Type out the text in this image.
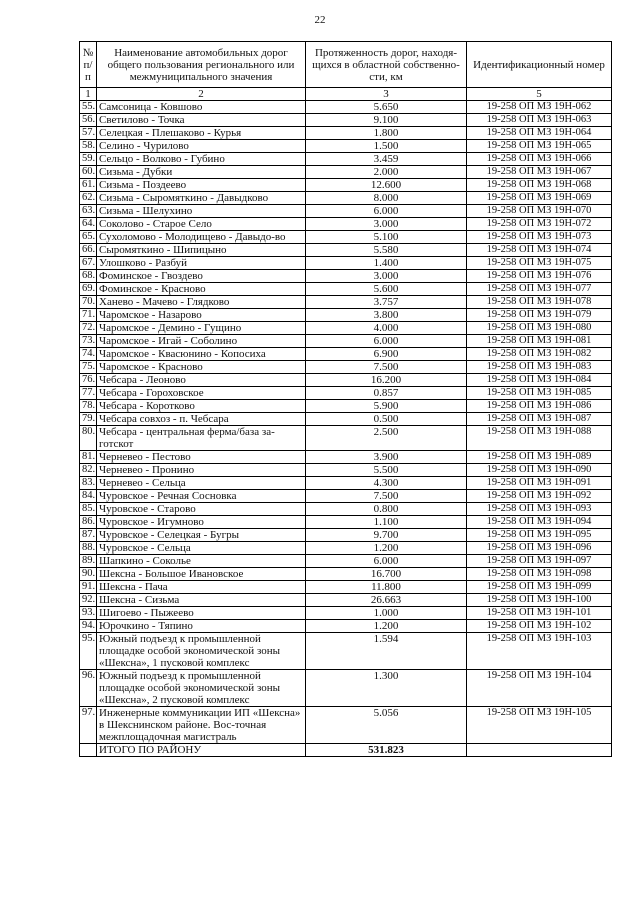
22
№ п/п	Наименование автомобильных дорог общего пользования регионального или межмуниципального значения	Протяженность дорог, находя-щихся в областной собственно-сти, км	Идентификационный номер
1	2	3	5
55.	Самсоница - Ковшово	5.650	19-258 ОП МЗ 19Н-062
56.	Светилово - Точка	9.100	19-258 ОП МЗ 19Н-063
57.	Селецкая - Плешаково - Курья	1.800	19-258 ОП МЗ 19Н-064
58.	Селино - Чурилово	1.500	19-258 ОП МЗ 19Н-065
59.	Сельцо - Волково - Губино	3.459	19-258 ОП МЗ 19Н-066
60.	Сизьма - Дубки	2.000	19-258 ОП МЗ 19Н-067
61.	Сизьма - Поздеево	12.600	19-258 ОП МЗ 19Н-068
62.	Сизьма - Сыромяткино - Давыдково	8.000	19-258 ОП МЗ 19Н-069
63.	Сизьма - Шелухино	6.000	19-258 ОП МЗ 19Н-070
64.	Соколово - Старое Село	3.000	19-258 ОП МЗ 19Н-072
65.	Сухоломово - Молодищево - Давыдо-во	5.100	19-258 ОП МЗ 19Н-073
66.	Сыромяткино - Шипицыно	5.580	19-258 ОП МЗ 19Н-074
67.	Улошково - Разбуй	1.400	19-258 ОП МЗ 19Н-075
68.	Фоминское - Гвоздево	3.000	19-258 ОП МЗ 19Н-076
69.	Фоминское - Красново	5.600	19-258 ОП МЗ 19Н-077
70.	Ханево - Мачево - Глядково	3.757	19-258 ОП МЗ 19Н-078
71.	Чаромское - Назарово	3.800	19-258 ОП МЗ 19Н-079
72.	Чаромское - Демино - Гущино	4.000	19-258 ОП МЗ 19Н-080
73.	Чаромское - Игай - Соболино	6.000	19-258 ОП МЗ 19Н-081
74.	Чаромское - Квасюнино - Копосиха	6.900	19-258 ОП МЗ 19Н-082
75.	Чаромское - Красново	7.500	19-258 ОП МЗ 19Н-083
76.	Чебсара - Леоново	16.200	19-258 ОП МЗ 19Н-084
77.	Чебсара - Гороховское	0.857	19-258 ОП МЗ 19Н-085
78.	Чебсара - Коротково	5.900	19-258 ОП МЗ 19Н-086
79.	Чебсара совхоз - п. Чебсара	0.500	19-258 ОП МЗ 19Н-087
80.	Чебсара - центральная ферма/база за-готскот	2.500	19-258 ОП МЗ 19Н-088
81.	Черневео - Пестово	3.900	19-258 ОП МЗ 19Н-089
82.	Черневео - Пронино	5.500	19-258 ОП МЗ 19Н-090
83.	Черневео - Сельца	4.300	19-258 ОП МЗ 19Н-091
84.	Чуровское - Речная Сосновка	7.500	19-258 ОП МЗ 19Н-092
85.	Чуровское - Старово	0.800	19-258 ОП МЗ 19Н-093
86.	Чуровское - Игумново	1.100	19-258 ОП МЗ 19Н-094
87.	Чуровское - Селецкая - Бугры	9.700	19-258 ОП МЗ 19Н-095
88.	Чуровское - Сельца	1.200	19-258 ОП МЗ 19Н-096
89.	Шапкино - Сокольe	6.000	19-258 ОП МЗ 19Н-097
90.	Шексна - Большое Ивановское	16.700	19-258 ОП МЗ 19Н-098
91.	Шексна - Пача	11.800	19-258 ОП МЗ 19Н-099
92.	Шексна - Сизьма	26.663	19-258 ОП МЗ 19Н-100
93.	Шигоево - Пыжеево	1.000	19-258 ОП МЗ 19Н-101
94.	Юрочкино - Тяпино	1.200	19-258 ОП МЗ 19Н-102
95.	Южный подъезд к промышленной площадке особой экономической зоны «Шексна», 1 пусковой комплекс	1.594	19-258 ОП МЗ 19Н-103
96.	Южный подъезд к промышленной площадке особой экономической зоны «Шексна», 2 пусковой комплекс	1.300	19-258 ОП МЗ 19Н-104
97.	Инженерные коммуникации ИП «Шексна» в Шекснинском районе. Вос-точная межплощадочная магистраль	5.056	19-258 ОП МЗ 19Н-105
	ИТОГО ПО РАЙОНУ	531.823	
